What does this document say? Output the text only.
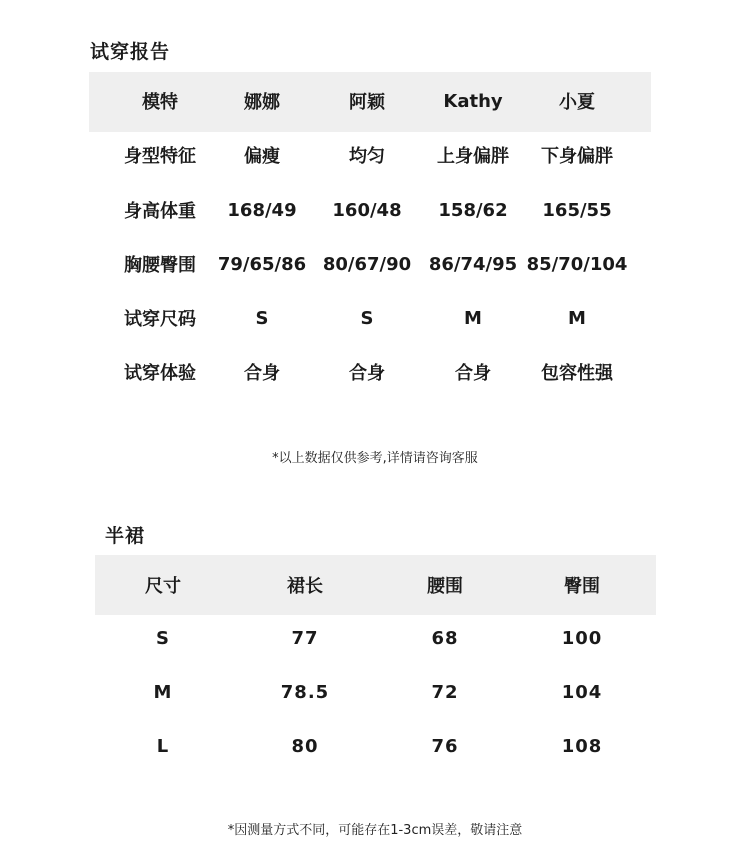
试穿报告
模特	娜娜	阿颖	Kathy	小夏
身型特征	偏瘦	均匀	上身偏胖	下身偏胖
身高体重	168/49	160/48	158/62	165/55
胸腰臀围	79/65/86 80/67/90 86/74/95 85/70/104
试穿尺码	S	S	M	M
试穿体验	合身	合身	合身	包容性强
*以上数据仅供参考,详情请咨询客服
半裙
尺寸	裙长	腰围	臀围
S	77	68	100
M	78.5	72	104
L	80	76	108
*因测量方式不同，可能存在1-3cm误差，敬请注意
